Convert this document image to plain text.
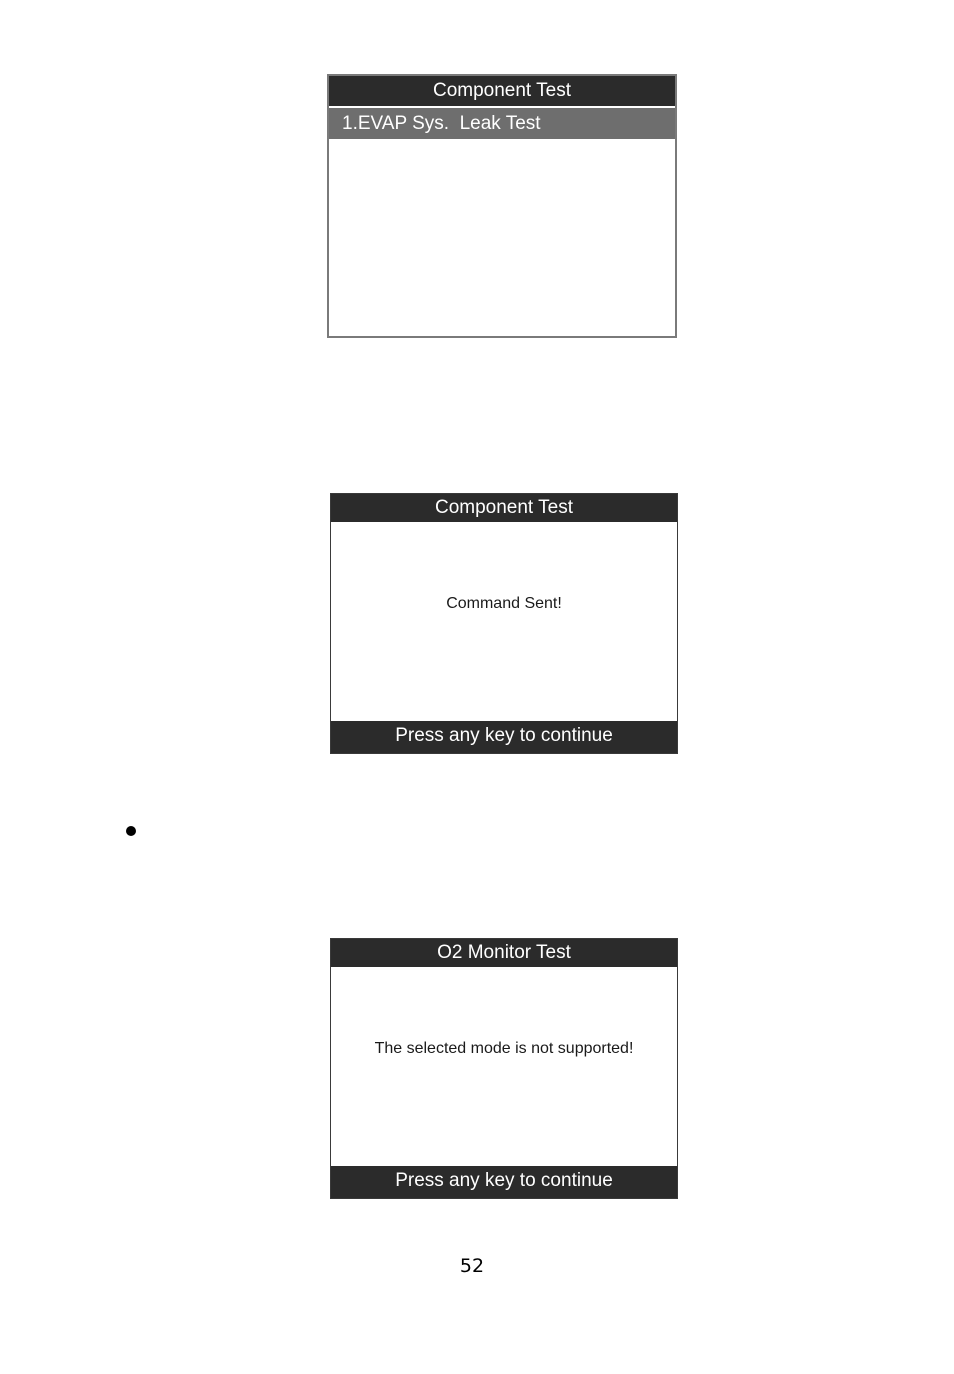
Component Test
1.EVAP Sys.  Leak Test
Component Test
Command Sent!
Press any key to continue
O2 Monitor Test
The selected mode is not supported!
Press any key to continue
52
